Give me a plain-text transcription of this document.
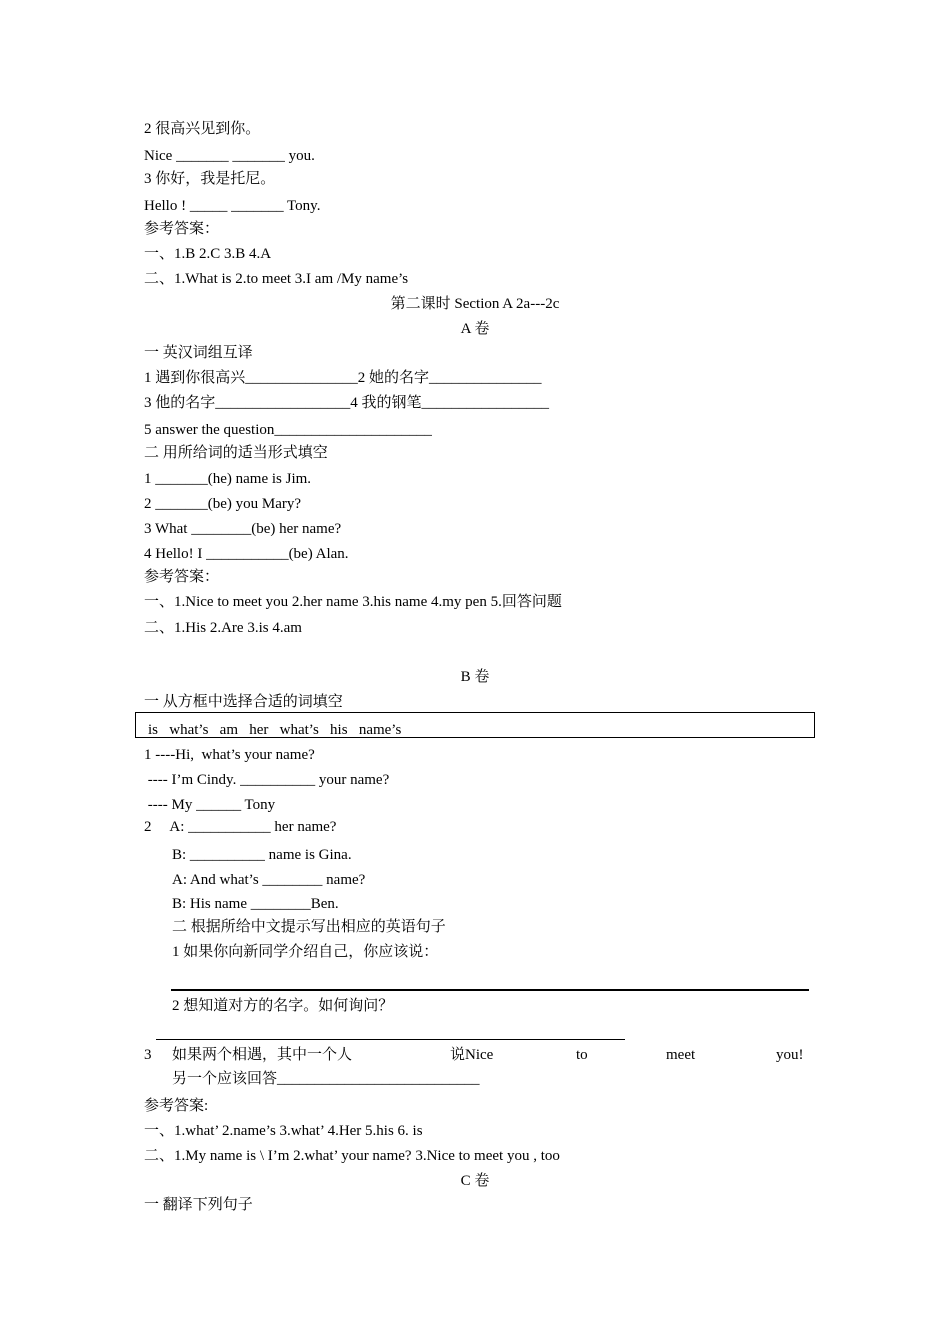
2 很高兴见到你。
Nice _______ _______ you.
3 你好，我是托尼。
Hello ! _____ _______ Tony.
参考答案：
一、1.B 2.C 3.B 4.A
二、1.What is 2.to meet 3.I am /My name’s
第二课时 Section A 2a---2c
A 卷
一 英汉词组互译
1 遇到你很高兴_______________2 她的名字_______________
3 他的名字__________________4 我的钢笔_________________
5 answer the question_____________________
二 用所给词的适当形式填空
1 _______(he) name is Jim.
2 _______(be) you Mary?
3 What ________(be) her name?
4 Hello! I ___________(be) Alan.
参考答案：
一、1.Nice to meet you 2.her name 3.his name 4.my pen 5.回答问题
二、1.His 2.Are 3.is 4.am
B 卷
一 从方框中选择合适的词填空
is   what’s   am   her   what’s   his   name’s
1 ----Hi,  what’s your name?
---- I’m Cindy. __________ your name?
---- My ______ Tony
2     A: ___________ her name?
B: __________ name is Gina.
A: And what’s ________ name?
B: His name ________Ben.
二 根据所给中文提示写出相应的英语句子
1 如果你向新同学介绍自己，你应该说：
2 想知道对方的名字。如何询问？
3 如果两个相遇，其中一个人	说Nice	to	meet	you!
另一个应该回答___________________________
参考答案:
一、1.what’ 2.name’s 3.what’ 4.Her 5.his 6. is
二、1.My name is \ I’m 2.what’ your name? 3.Nice to meet you , too
C 卷
一 翻译下列句子
